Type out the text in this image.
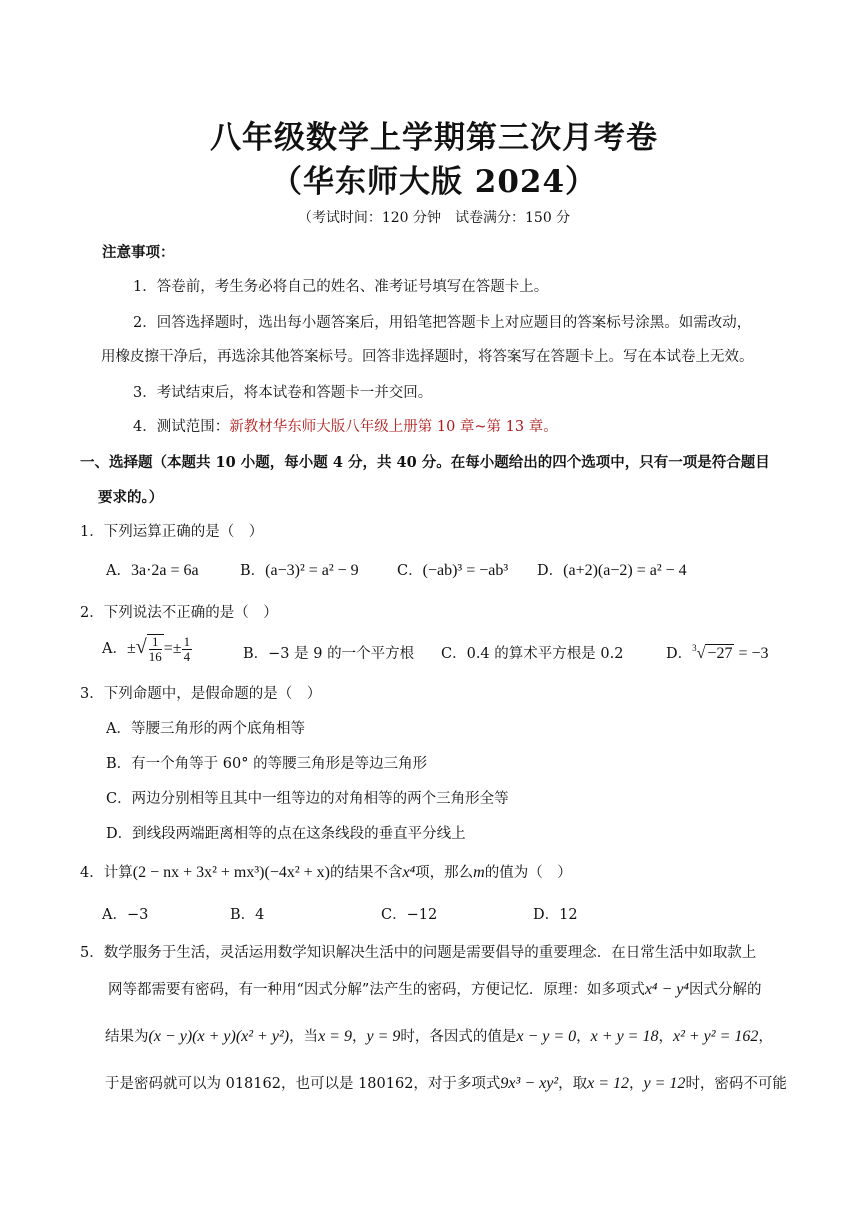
八年级数学上学期第三次月考卷
（华东师大版 2024）
（考试时间：120 分钟　试卷满分：150 分
注意事项：
1．答卷前，考生务必将自己的姓名、准考证号填写在答题卡上。
2．回答选择题时，选出每小题答案后，用铅笔把答题卡上对应题目的答案标号涂黑。如需改动，
用橡皮擦干净后，再选涂其他答案标号。回答非选择题时，将答案写在答题卡上。写在本试卷上无效。
3．考试结束后，将本试卷和答题卡一并交回。
4．测试范围：新教材华东师大版八年级上册第 10 章~第 13 章。
一、选择题（本题共 10 小题，每小题 4 分，共 40 分。在每小题给出的四个选项中，只有一项是符合题目
要求的。）
1．下列运算正确的是（　）
A．3a·2a = 6a	B．(a−3)² = a² − 9	C．(−ab)³ = −ab³ D．(a+2)(a−2) = a² − 4
2．下列说法不正确的是（　）
A．±√ $\frac{1}{16} =\pm \frac{1}{4}$	B．−3 是 9 的一个平方根 C．0.4 的算术平方根是 0.2	D．$^3$√ −27 = −3
3．下列命题中，是假命题的是（　）
A．等腰三角形的两个底角相等
B．有一个角等于 60° 的等腰三角形是等边三角形
C．两边分别相等且其中一组等边的对角相等的两个三角形全等
D．到线段两端距离相等的点在这条线段的垂直平分线上
4．计算(2 − nx + 3x² + mx³)(−4x² + x)的结果不含x⁴项，那么m的值为（　）
A．−3	B．4	C．−12	D．12
5．数学服务于生活，灵活运用数学知识解决生活中的问题是需要倡导的重要理念．在日常生活中如取款上
网等都需要有密码，有一种用“因式分解”法产生的密码，方便记忆．原理：如多项式x⁴ − y⁴因式分解的
结果为(x − y)(x + y)(x² + y²)，当x = 9，y = 9时，各因式的值是x − y = 0，x + y = 18，x² + y² = 162，
于是密码就可以为 018162，也可以是 180162，对于多项式9x³ − xy²，取x = 12，y = 12时，密码不可能
